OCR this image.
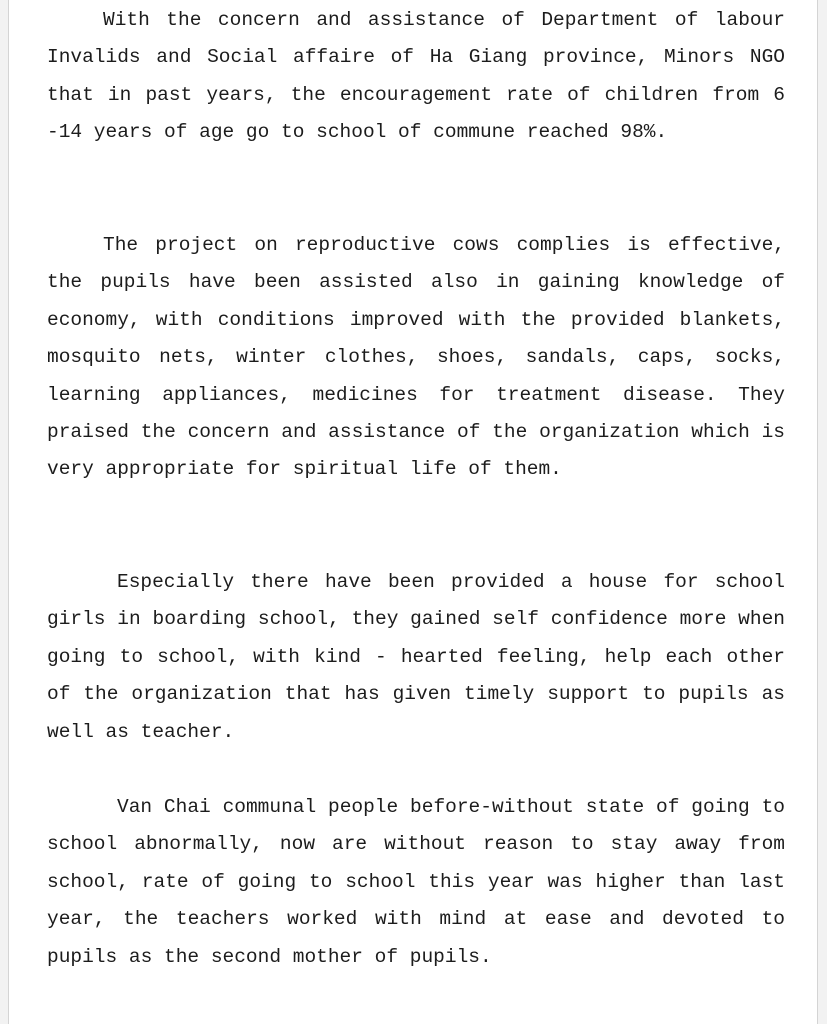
With the concern and assistance of Department of labour Invalids and Social affaire of Ha Giang province, Minors NGO that in past years, the encouragement rate of children from 6 -14 years of age go to school of commune reached 98%.

The project on reproductive cows complies is effective, the pupils have been assisted also in gaining knowledge of economy, with conditions improved with the provided blankets, mosquito nets, winter clothes, shoes, sandals, caps, socks, learning appliances, medicines for treatment disease. They praised the concern and assistance of the organization which is very appropriate for spiritual life of them.

Especially there have been provided a house for school girls in boarding school, they gained self confidence more when going to school, with kind - hearted feeling, help each other of the organization that has given timely support to pupils as well as teacher.

Van Chai communal people before-without state of going to school abnormally, now are without reason to stay away from school, rate of going to school this year was higher than last year, the teachers worked with mind at ease and devoted to pupils as the second mother of pupils.
